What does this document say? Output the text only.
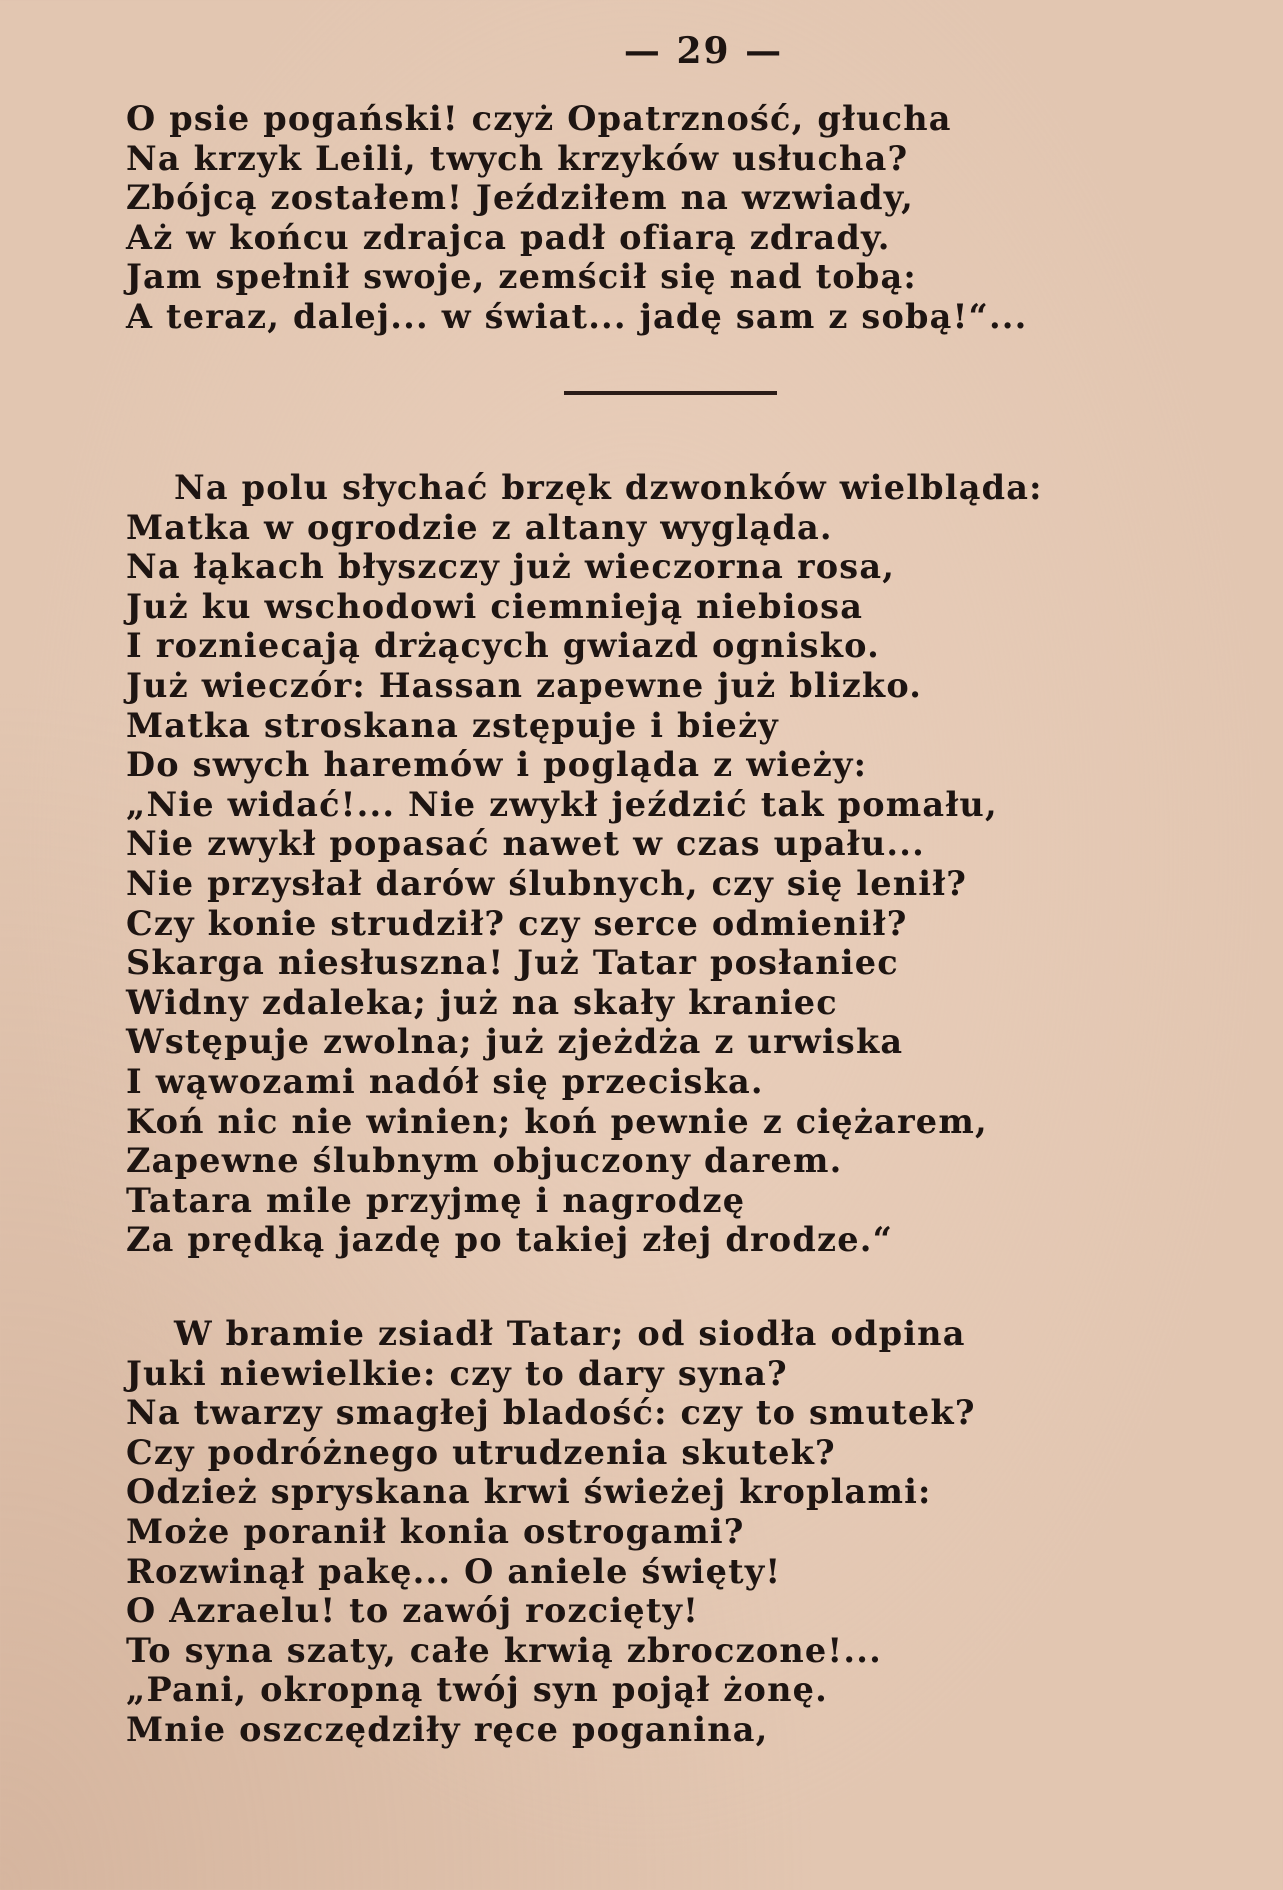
— 29 —
O psie pogański! czyż Opatrzność, głucha
Na krzyk Leili, twych krzyków usłucha?
Zbójcą zostałem! Jeździłem na wzwiady,
Aż w końcu zdrajca padł ofiarą zdrady.
Jam spełnił swoje, zemścił się nad tobą:
A teraz, dalej... w świat... jadę sam z sobą!“...
Na polu słychać brzęk dzwonków wielbląda:
Matka w ogrodzie z altany wygląda.
Na łąkach błyszczy już wieczorna rosa,
Już ku wschodowi ciemnieją niebiosa
I rozniecają drżących gwiazd ognisko.
Już wieczór: Hassan zapewne już blizko.
Matka stroskana zstępuje i bieży
Do swych haremów i pogląda z wieży:
„Nie widać!... Nie zwykł jeździć tak pomału,
Nie zwykł popasać nawet w czas upału...
Nie przysłał darów ślubnych, czy się lenił?
Czy konie strudził? czy serce odmienił?
Skarga niesłuszna! Już Tatar posłaniec
Widny zdaleka; już na skały kraniec
Wstępuje zwolna; już zjeżdża z urwiska
I wąwozami nadół się przeciska.
Koń nic nie winien; koń pewnie z ciężarem,
Zapewne ślubnym objuczony darem.
Tatara mile przyjmę i nagrodzę
Za prędką jazdę po takiej złej drodze.“
W bramie zsiadł Tatar; od siodła odpina
Juki niewielkie: czy to dary syna?
Na twarzy smagłej bladość: czy to smutek?
Czy podróżnego utrudzenia skutek?
Odzież spryskana krwi świeżej kroplami:
Może poranił konia ostrogami?
Rozwinął pakę... O aniele święty!
O Azraelu! to zawój rozcięty!
To syna szaty, całe krwią zbroczone!...
„Pani, okropną twój syn pojął żonę.
Mnie oszczędziły ręce poganina,
